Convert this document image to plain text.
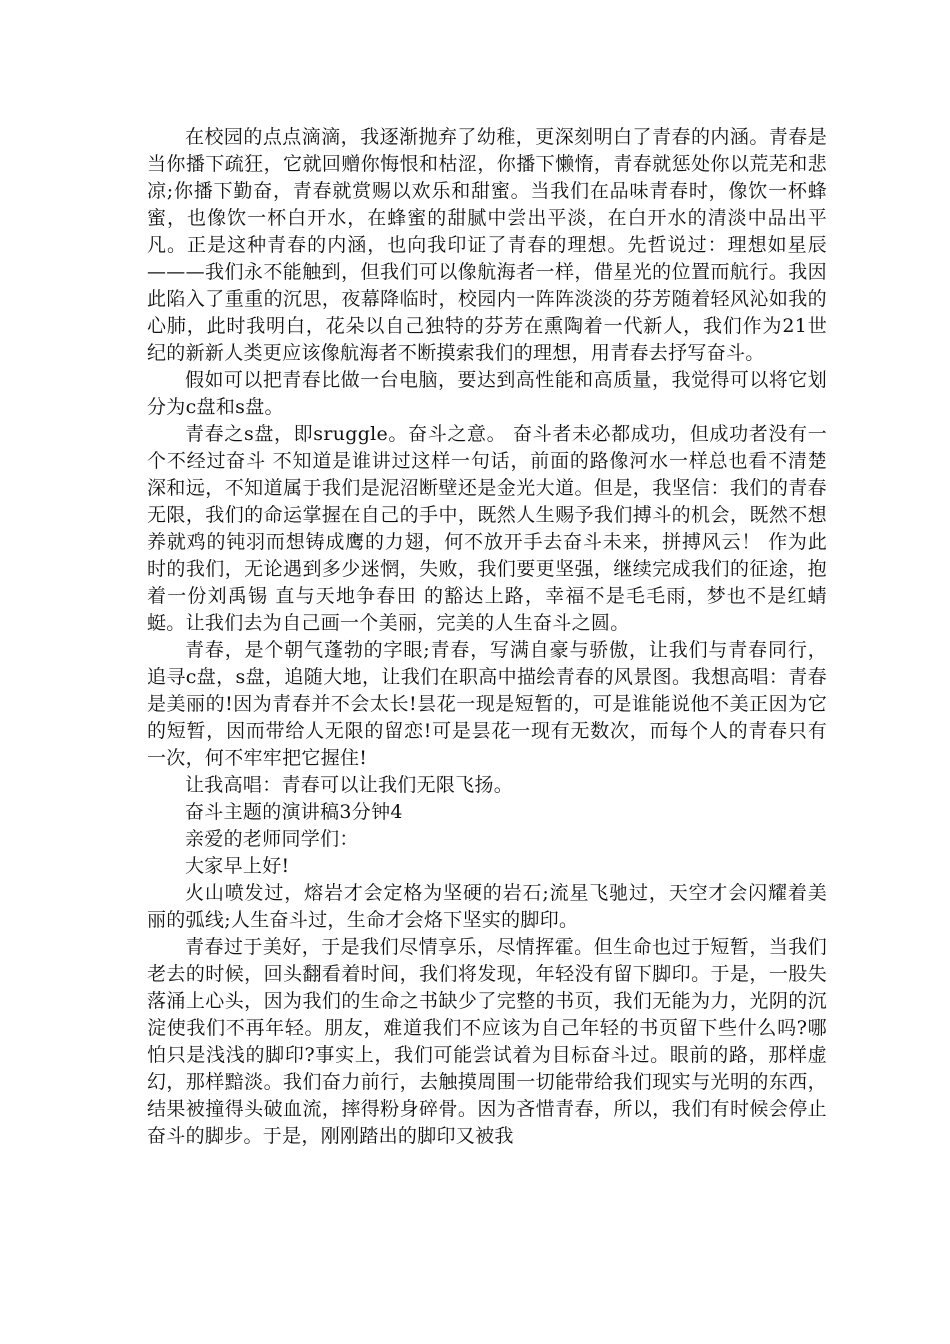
在校园的点点滴滴，我逐渐抛弃了幼稚，更深刻明白了青春的内涵。青春是当你播下疏狂，它就回赠你悔恨和枯涩，你播下懒惰，青春就惩处你以荒芜和悲凉;你播下勤奋，青春就赏赐以欢乐和甜蜜。当我们在品味青春时，像饮一杯蜂蜜，也像饮一杯白开水，在蜂蜜的甜腻中尝出平淡，在白开水的清淡中品出平凡。正是这种青春的内涵，也向我印证了青春的理想。先哲说过：理想如星辰———我们永不能触到，但我们可以像航海者一样，借星光的位置而航行。我因此陷入了重重的沉思，夜幕降临时，校园内一阵阵淡淡的芬芳随着轻风沁如我的心肺，此时我明白，花朵以自己独特的芬芳在熏陶着一代新人，我们作为21世纪的新新人类更应该像航海者不断摸索我们的理想，用青春去抒写奋斗。

假如可以把青春比做一台电脑，要达到高性能和高质量，我觉得可以将它划分为c盘和s盘。

青春之s盘，即sruggle。奋斗之意。 奋斗者未必都成功，但成功者没有一个不经过奋斗 不知道是谁讲过这样一句话，前面的路像河水一样总也看不清楚深和远，不知道属于我们是泥沼断壁还是金光大道。但是，我坚信：我们的青春无限，我们的命运掌握在自己的手中，既然人生赐予我们搏斗的机会，既然不想养就鸡的钝羽而想铸成鹰的力翅，何不放开手去奋斗未来，拼搏风云！ 作为此时的我们，无论遇到多少迷惘，失败，我们要更坚强，继续完成我们的征途，抱着一份刘禹锡 直与天地争春田 的豁达上路，幸福不是毛毛雨，梦也不是红蜻蜓。让我们去为自己画一个美丽，完美的人生奋斗之圆。

青春，是个朝气蓬勃的字眼;青春，写满自豪与骄傲，让我们与青春同行，追寻c盘，s盘，追随大地，让我们在职高中描绘青春的风景图。我想高唱：青春是美丽的!因为青春并不会太长!昙花一现是短暂的，可是谁能说他不美正因为它的短暂，因而带给人无限的留恋!可是昙花一现有无数次，而每个人的青春只有一次，何不牢牢把它握住!

让我高唱：青春可以让我们无限飞扬。

奋斗主题的演讲稿3分钟4

亲爱的老师同学们：

大家早上好!

火山喷发过，熔岩才会定格为坚硬的岩石;流星飞驰过，天空才会闪耀着美丽的弧线;人生奋斗过，生命才会烙下坚实的脚印。

青春过于美好，于是我们尽情享乐，尽情挥霍。但生命也过于短暂，当我们老去的时候，回头翻看着时间，我们将发现，年轻没有留下脚印。于是，一股失落涌上心头，因为我们的生命之书缺少了完整的书页，我们无能为力，光阴的沉淀使我们不再年轻。朋友，难道我们不应该为自己年轻的书页留下些什么吗?哪怕只是浅浅的脚印?事实上，我们可能尝试着为目标奋斗过。眼前的路，那样虚幻，那样黯淡。我们奋力前行，去触摸周围一切能带给我们现实与光明的东西，结果被撞得头破血流，摔得粉身碎骨。因为吝惜青春，所以，我们有时候会停止奋斗的脚步。于是，刚刚踏出的脚印又被我
